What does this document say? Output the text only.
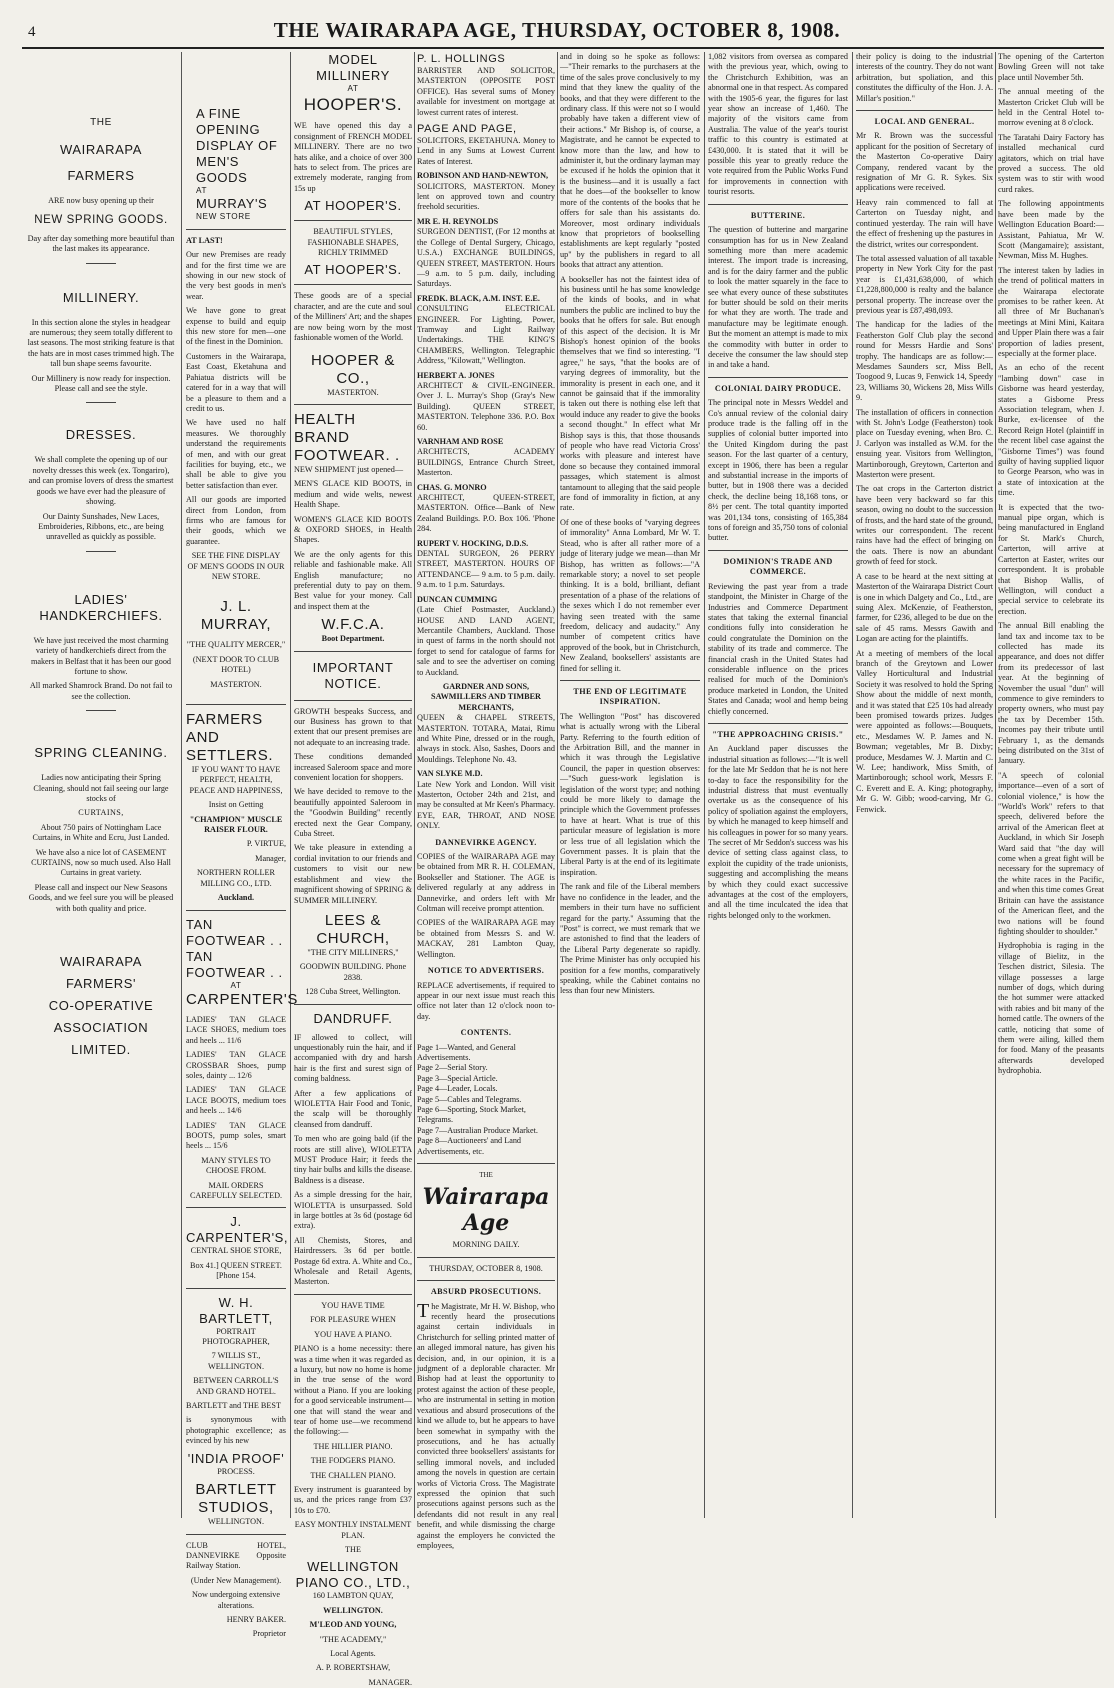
4	THE WAIRARAPA AGE, THURSDAY, OCTOBER 8, 1908.
THE
WAIRARAPA
FARMERS

ARE now busy opening up their

NEW SPRING GOODS.

Day after day something more beautiful than the last makes its appearance.

MILLINERY.

In this section alone the styles in headgear are numerous; they seem totally different to last seasons. The most striking feature is that the hats are in most cases trimmed high. The tall bun shape seems favourite.

Our Millinery is now ready for inspection. Please call and see the style.

DRESSES.

We shall complete the opening up of our novelty dresses this week (ex. Tongariro), and can promise lovers of dress the smartest goods we have ever had the pleasure of showing.

Our Dainty Sunshades, New Laces, Embroideries, Ribbons, etc., are being unravelled as quickly as possible.

LADIES' HANDKERCHIEFS.

We have just received the most charming variety of handkerchiefs direct from the makers in Belfast that it has been our good fortune to show.

All marked Shamrock Brand. Do not fail to see the collection.

SPRING CLEANING.

Ladies now anticipating their Spring Cleaning, should not fail seeing our large stocks of

CURTAINS,

About 750 pairs of Nottingham Lace Curtains, in White and Ecru, Just Landed.

We have also a nice lot of CASEMENT CURTAINS, now so much used. Also Hall Curtains in great variety.

Please call and inspect our New Seasons Goods, and we feel sure you will be pleased with both quality and price.

WAIRARAPA
FARMERS'
CO-OPERATIVE
ASSOCIATION
LIMITED.
A FINE OPENING DISPLAY OF
MEN'S GOODS
AT
MURRAY'S
NEW STORE

AT LAST!

Our new Premises are ready and for the first time we are showing in our new stock of the very best goods in men's wear.

We have gone to great expense to build and equip this new store for men—one of the finest in the Dominion.

Customers in the Wairarapa, East Coast, Eketahuna and Pahiatua districts will be catered for in a way that will be a pleasure to them and a credit to us.

We have used no half measures. We thoroughly understand the requirements of men, and with our great facilities for buying, etc., we shall be able to give you better satisfaction than ever.

All our goods are imported direct from London, from firms who are famous for their goods, which we guarantee.

SEE THE FINE DISPLAY OF MEN'S GOODS IN OUR NEW STORE.

J. L. MURRAY,

"THE QUALITY MERCER,"

(NEXT DOOR TO CLUB HOTEL)

MASTERTON.

FARMERS AND SETTLERS.

IF YOU WANT TO HAVE PERFECT, HEALTH, PEACE AND HAPPINESS,

Insist on Getting

"CHAMPION" MUSCLE RAISER FLOUR.

P. VIRTUE,

Manager,

NORTHERN ROLLER MILLING CO., LTD.

Auckland.

TAN FOOTWEAR . .
TAN FOOTWEAR . .
AT
CARPENTER'S

LADIES' TAN GLACE LACE SHOES, medium toes and heels ... 11/6

LADIES' TAN GLACE CROSSBAR Shoes, pump soles, dainty ... 12/6

LADIES' TAN GLACE LACE BOOTS, medium toes and heels ... 14/6

LADIES' TAN GLACE BOOTS, pump soles, smart heels ... 15/6

MANY STYLES TO CHOOSE FROM.

MAIL ORDERS CAREFULLY SELECTED.

J. CARPENTER'S,

CENTRAL SHOE STORE,

Box 41.] QUEEN STREET. [Phone 154.

W. H. BARTLETT,

PORTRAIT PHOTOGRAPHER,

7 WILLIS ST., WELLINGTON.

BETWEEN CARROLL'S AND GRAND HOTEL.

BARTLETT and THE BEST

is synonymous with photographic excellence; as evinced by his new

'INDIA PROOF'

PROCESS.

BARTLETT
STUDIOS,

WELLINGTON.

CLUB HOTEL, DANNEVIRKE Opposite Railway Station.

(Under New Management).

Now undergoing extensive alterations.

HENRY BAKER.

Proprietor

MODEL MILLINERY
AT
HOOPER'S.

WE have opened this day a consignment of FRENCH MODEL MILLINERY. There are no two hats alike, and a choice of over 300 hats to select from. The prices are extremely moderate, ranging from 15s up

AT HOOPER'S.

BEAUTIFUL STYLES, FASHIONABLE SHAPES, RICHLY TRIMMED

AT HOOPER'S.

These goods are of a special character, and are the cute and soul of the Milliners' Art; and the shapes are now being worn by the most fashionable women of the World.

HOOPER & CO.,

MASTERTON.

HEALTH BRAND FOOTWEAR. .

NEW SHIPMENT just opened—

MEN'S GLACE KID BOOTS, in medium and wide welts, newest Health Shape.

WOMEN'S GLACE KID BOOTS & OXFORD SHOES, in Health Shapes.

We are the only agents for this reliable and fashionable make. All English manufacture; no preferential duty to pay on them. Best value for your money. Call and inspect them at the

W.F.C.A.

Boot Department.

IMPORTANT NOTICE.

GROWTH bespeaks Success, and our Business has grown to that extent that our present premises are not adequate to an increasing trade.

These conditions demanded increased Saleroom space and more convenient location for shoppers.

We have decided to remove to the beautifully appointed Saleroom in the "Goodwin Building" recently erected next the Gear Company, Cuba Street.

We take pleasure in extending a cordial invitation to our friends and customers to visit our new establishment and view the magnificent showing of SPRING & SUMMER MILLINERY.

LEES & CHURCH,

"THE CITY MILLINERS,"

GOODWIN BUILDING. Phone 2838.

128 Cuba Street, Wellington.

DANDRUFF.

IF allowed to collect, will unquestionably ruin the hair, and if accompanied with dry and harsh hair is the first and surest sign of coming baldness.

After a few applications of WIOLETTA Hair Food and Tonic, the scalp will be thoroughly cleansed from dandruff.

To men who are going bald (if the roots are still alive), WIOLETTA MUST Produce Hair; it feeds the tiny hair bulbs and kills the disease. Baldness is a disease.

As a simple dressing for the hair, WIOLETTA is unsurpassed. Sold in large bottles at 3s 6d (postage 6d extra).

All Chemists, Stores, and Hairdressers. 3s 6d per bottle. Postage 6d extra. A. White and Co., Wholesale and Retail Agents, Masterton.

YOU HAVE TIME

FOR PLEASURE WHEN

YOU HAVE A PIANO.

PIANO is a home necessity: there was a time when it was regarded as a luxury, but now no home is home in the true sense of the word without a Piano. If you are looking for a good serviceable instrument—one that will stand the wear and tear of home use—we recommend the following:—

THE HILLIER PIANO.

THE FODGERS PIANO.

THE CHALLEN PIANO.

Every instrument is guaranteed by us, and the prices range from £37 10s to £70.

EASY MONTHLY INSTALMENT PLAN.

THE

WELLINGTON PIANO CO., LTD.,

160 LAMBTON QUAY,

WELLINGTON.

M'LEOD AND YOUNG,

"THE ACADEMY,"

Local Agents.

A. P. ROBERTSHAW,

MANAGER.

P. L. HOLLINGS

BARRISTER AND SOLICITOR, MASTERTON (OPPOSITE POST OFFICE). Has several sums of Money available for investment on mortgage at lowest current rates of interest.

PAGE AND PAGE,

SOLICITORS, EKETAHUNA. Money to Lend in any Sums at Lowest Current Rates of Interest.

ROBINSON AND HAND-NEWTON,

SOLICITORS, MASTERTON. Money lent on approved town and country freehold securities.

MR E. H. REYNOLDS

SURGEON DENTIST, (For 12 months at the College of Dental Surgery, Chicago, U.S.A.) EXCHANGE BUILDINGS, QUEEN STREET, MASTERTON. Hours—9 a.m. to 5 p.m. daily, including Saturdays.

FREDK. BLACK, A.M. INST. E.E.

CONSULTING ELECTRICAL ENGINEER. For Lighting, Power, Tramway and Light Railway Undertakings. THE KING'S CHAMBERS, Wellington. Telegraphic Address, "Kilowatt," Wellington.

HERBERT A. JONES

ARCHITECT & CIVIL-ENGINEER. Over J. L. Murray's Shop (Gray's New Building). QUEEN STREET, MASTERTON. Telephone 336. P.O. Box 60.

VARNHAM AND ROSE

ARCHITECTS, ACADEMY BUILDINGS, Entrance Church Street, Masterton.

CHAS. G. MONRO

ARCHITECT, QUEEN-STREET, MASTERTON. Office—Bank of New Zealand Buildings. P.O. Box 106. 'Phone 284.

RUPERT V. HOCKING, D.D.S.

DENTAL SURGEON, 26 PERRY STREET, MASTERTON. HOURS OF ATTENDANCE— 9 a.m. to 5 p.m. daily. 9 a.m. to 1 p.m. Saturdays.

DUNCAN CUMMING

(Late Chief Postmaster, Auckland.) HOUSE AND LAND AGENT, Mercantile Chambers, Auckland. Those in quest of farms in the north should not forget to send for catalogue of farms for sale and to see the advertiser on coming to Auckland.

GARDNER AND SONS, SAWMILLERS AND TIMBER MERCHANTS,

QUEEN & CHAPEL STREETS, MASTERTON. TOTARA, Matai, Rimu and White Pine, dressed or in the rough, always in stock. Also, Sashes, Doors and Mouldings. Telephone No. 43.

VAN SLYKE M.D.

Late New York and London. Will visit Masterton, October 24th and 21st, and may be consulted at Mr Keen's Pharmacy. EYE, EAR, THROAT, AND NOSE ONLY.

DANNEVIRKE AGENCY.

COPIES of the WAIRARAPA AGE may be obtained from MR R. H. COLEMAN, Bookseller and Stationer. The AGE is delivered regularly at any address in Dannevirke, and orders left with Mr Coltman will receive prompt attention.

COPIES of the WAIRARAPA AGE may be obtained from Messrs S. and W. MACKAY, 281 Lambton Quay, Wellington.

NOTICE TO ADVERTISERS.

REPLACE advertisements, if required to appear in our next issue must reach this office not later than 12 o'clock noon to-day.

CONTENTS.
Page 1—Wanted, and General Advertisements.
Page 2—Serial Story.
Page 3—Special Article.
Page 4—Leader, Locals.
Page 5—Cables and Telegrams.
Page 6—Sporting, Stock Market, Telegrams.
Page 7—Australian Produce Market.
Page 8—Auctioneers' and Land Advertisements, etc.
THE
Wairarapa Age

MORNING DAILY.

THURSDAY, OCTOBER 8, 1908.

ABSURD PROSECUTIONS.

The Magistrate, Mr H. W. Bishop, who recently heard the prosecutions against certain individuals in Christchurch for selling printed matter of an alleged immoral nature, has given his decision, and, in our opinion, it is a judgment of a deplorable character. Mr Bishop had at least the opportunity to protest against the action of these people, who are instrumental in setting in motion vexatious and absurd prosecutions of the kind we allude to, but he appears to have been somewhat in sympathy with the prosecutions, and he has actually convicted three booksellers' assistants for selling immoral novels, and included among the novels in question are certain works of Victoria Cross. The Magistrate expressed the opinion that such prosecutions against persons such as the defendants did not result in any real benefit, and while dismissing the charge against the employers he convicted the employees,

and in doing so he spoke as follows:—"Their remarks to the purchasers at the time of the sales prove conclusively to my mind that they knew the quality of the books, and that they were different to the ordinary class. If this were not so I would probably have taken a different view of their actions." Mr Bishop is, of course, a Magistrate, and he cannot be expected to know more than the law, and how to administer it, but the ordinary layman may be excused if he holds the opinion that it is the business—and it is usually a fact that he does—of the bookseller to know more of the contents of the books that he offers for sale than his assistants do. Moreover, most ordinary individuals know that proprietors of bookselling establishments are kept regularly "posted up" by the publishers in regard to all books that attract any attention.

A bookseller has not the faintest idea of his business until he has some knowledge of the kinds of books, and in what numbers the public are inclined to buy the books that he offers for sale. But enough of this aspect of the decision. It is Mr Bishop's honest opinion of the books themselves that we find so interesting. "I agree," he says, "that the books are of varying degrees of immorality, but the immorality is present in each one, and it cannot be gainsaid that if the immorality is taken out there is nothing else left that would induce any reader to give the books a second thought." In effect what Mr Bishop says is this, that those thousands of people who have read Victoria Cross' works with pleasure and interest have done so because they contained immoral passages, which statement is almost tantamount to alleging that the said people are fond of immorality in fiction, at any rate.

Of one of these books of "varying degrees of immorality" Anna Lombard, Mr W. T. Stead, who is after all rather more of a judge of literary judge we mean—than Mr Bishop, has written as follows:—"A remarkable story; a novel to set people thinking. It is a bold, brilliant, defiant presentation of a phase of the relations of the sexes which I do not remember ever having seen treated with the same freedom, delicacy and audacity." Any number of competent critics have approved of the book, but in Christchurch, New Zealand, booksellers' assistants are fined for selling it.

THE END OF LEGITIMATE INSPIRATION.

The Wellington "Post" has discovered what is actually wrong with the Liberal Party. Referring to the fourth edition of the Arbitration Bill, and the manner in which it was through the Legislative Council, the paper in question observes:—"Such guess-work legislation is legislation of the worst type; and nothing could be more likely to damage the principle which the Government professes to have at heart. What is true of this particular measure of legislation is more or less true of all legislation which the Government passes. It is plain that the Liberal Party is at the end of its legitimate inspiration.

The rank and file of the Liberal members have no confidence in the leader, and the members in their turn have no sufficient regard for the party." Assuming that the "Post" is correct, we must remark that we are astonished to find that the leaders of the Liberal Party degenerate so rapidly. The Prime Minister has only occupied his position for a few months, comparatively speaking, while the Cabinet contains no less than four new Ministers.

1,082 visitors from oversea as compared with the previous year, which, owing to the Christchurch Exhibition, was an abnormal one in that respect. As compared with the 1905-6 year, the figures for last year show an increase of 1,460. The majority of the visitors came from Australia. The value of the year's tourist traffic to this country is estimated at £430,000. It is stated that it will be possible this year to greatly reduce the vote required from the Public Works Fund for improvements in connection with tourist resorts.

BUTTERINE.

The question of butterine and margarine consumption has for us in New Zealand something more than mere academic interest. The import trade is increasing, and is for the dairy farmer and the public to look the matter squarely in the face to see what every ounce of these substitutes for butter should be sold on their merits for what they are worth. The trade and manufacture may be legitimate enough. But the moment an attempt is made to mix the commodity with butter in order to deceive the consumer the law should step in and take a hand.

COLONIAL DAIRY PRODUCE.

The principal note in Messrs Weddel and Co's annual review of the colonial dairy produce trade is the falling off in the supplies of colonial butter imported into the United Kingdom during the past season. For the last quarter of a century, except in 1906, there has been a regular and substantial increase in the imports of butter, but in 1908 there was a decided check, the decline being 18,168 tons, or 8½ per cent. The total quantity imported was 201,134 tons, consisting of 165,384 tons of foreign and 35,750 tons of colonial butter.

DOMINION'S TRADE AND COMMERCE.

Reviewing the past year from a trade standpoint, the Minister in Charge of the Industries and Commerce Department states that taking the external financial conditions fully into consideration he could congratulate the Dominion on the stability of its trade and commerce. The financial crash in the United States had considerable influence on the prices realised for much of the Dominion's produce marketed in London, the United States and Canada; wool and hemp being chiefly concerned.

"THE APPROACHING CRISIS."

An Auckland paper discusses the industrial situation as follows:—"It is well for the late Mr Seddon that he is not here to-day to face the responsibility for the industrial distress that must eventually overtake us as the consequence of his policy of spoliation against the employers, by which he managed to keep himself and his colleagues in power for so many years. The secret of Mr Seddon's success was his device of setting class against class, to exploit the cupidity of the trade unionists, suggesting and accomplishing the means by which they could exact successive advantages at the cost of the employers, and all the time inculcated the idea that rights belonged only to the workmen.

their policy is doing to the industrial interests of the country. They do not want arbitration, but spoliation, and this constitutes the difficulty of the Hon. J. A. Millar's position."

LOCAL AND GENERAL.

Mr R. Brown was the successful applicant for the position of Secretary of the Masterton Co-operative Dairy Company, rendered vacant by the resignation of Mr G. R. Sykes. Six applications were received.

Heavy rain commenced to fall at Carterton on Tuesday night, and continued yesterday. The rain will have the effect of freshening up the pastures in the district, writes our correspondent.

The total assessed valuation of all taxable property in New York City for the past year is £1,431,638,000, of which £1,228,800,000 is realty and the balance personal property. The increase over the previous year is £87,498,093.

The handicap for the ladies of the Featherston Golf Club play the second round for Messrs Hardie and Sons' trophy. The handicaps are as follow:—Mesdames Saunders scr, Miss Bell, Toogood 9, Lucas 9, Fenwick 14, Speedy 23, Williams 30, Wickens 28, Miss Wills 9.

The installation of officers in connection with St. John's Lodge (Featherston) took place on Tuesday evening, when Bro. C. J. Carlyon was installed as W.M. for the ensuing year. Visitors from Wellington, Martinborough, Greytown, Carterton and Masterton were present.

The oat crops in the Carterton district have been very backward so far this season, owing no doubt to the succession of frosts, and the hard state of the ground, writes our correspondent. The recent rains have had the effect of bringing on the oats. There is now an abundant growth of feed for stock.

A case to be heard at the next sitting at Masterton of the Wairarapa District Court is one in which Dalgety and Co., Ltd., are suing Alex. McKenzie, of Featherston, farmer, for £236, alleged to be due on the sale of 45 rams. Messrs Gawith and Logan are acting for the plaintiffs.

At a meeting of members of the local branch of the Greytown and Lower Valley Horticultural and Industrial Society it was resolved to hold the Spring Show about the middle of next month, and it was stated that £25 10s had already been promised towards prizes. Judges were appointed as follows:—Bouquets, etc., Mesdames W. P. James and N. Bowman; vegetables, Mr B. Dixby; produce, Mesdames W. J. Martin and C. W. Lee; handiwork, Miss Smith, of Martinborough; school work, Messrs F. C. Everett and E. A. King; photography, Mr G. W. Gibb; wood-carving, Mr G. Fenwick.

The opening of the Carterton Bowling Green will not take place until November 5th.

The annual meeting of the Masterton Cricket Club will be held in the Central Hotel to-morrow evening at 8 o'clock.

The Taratahi Dairy Factory has installed mechanical curd agitators, which on trial have proved a success. The old system was to stir with wood curd rakes.

The following appointments have been made by the Wellington Education Board:—Assistant, Pahiatua, Mr W. Scott (Mangamaire); assistant, Newman, Miss M. Hughes.

The interest taken by ladies in the trend of political matters in the Wairarapa electorate promises to be rather keen. At all three of Mr Buchanan's meetings at Mini Mini, Kaitara and Upper Plain there was a fair proportion of ladies present, especially at the former place.

As an echo of the recent "lambing down" case in Gisborne was heard yesterday, states a Gisborne Press Association telegram, when J. Burke, ex-licensee of the Record Reign Hotel (plaintiff in the recent libel case against the "Gisborne Times") was found guilty of having supplied liquor to George Pearson, who was in a state of intoxication at the time.

It is expected that the two-manual pipe organ, which is being manufactured in England for St. Mark's Church, Carterton, will arrive at Carterton at Easter, writes our correspondent. It is probable that Bishop Wallis, of Wellington, will conduct a special service to celebrate its erection.

The annual Bill enabling the land tax and income tax to be collected has made its appearance, and does not differ from its predecessor of last year. At the beginning of November the usual "dun" will commence to give reminders to property owners, who must pay the tax by December 15th. Incomes pay their tribute until February 1, as the demands being distributed on the 31st of January.

"A speech of colonial importance—even of a sort of colonial violence," is how the "World's Work" refers to that speech, delivered before the arrival of the American fleet at Auckland, in which Sir Joseph Ward said that "the day will come when a great fight will be necessary for the supremacy of the white races in the Pacific, and when this time comes Great Britain can have the assistance of the American fleet, and the two nations will be found fighting shoulder to shoulder."

Hydrophobia is raging in the village of Bielitz, in the Teschen district, Silesia. The village possesses a large number of dogs, which during the hot summer were attacked with rabies and bit many of the horned cattle. The owners of the cattle, noticing that some of them were ailing, killed them for food. Many of the peasants afterwards developed hydrophobia.
